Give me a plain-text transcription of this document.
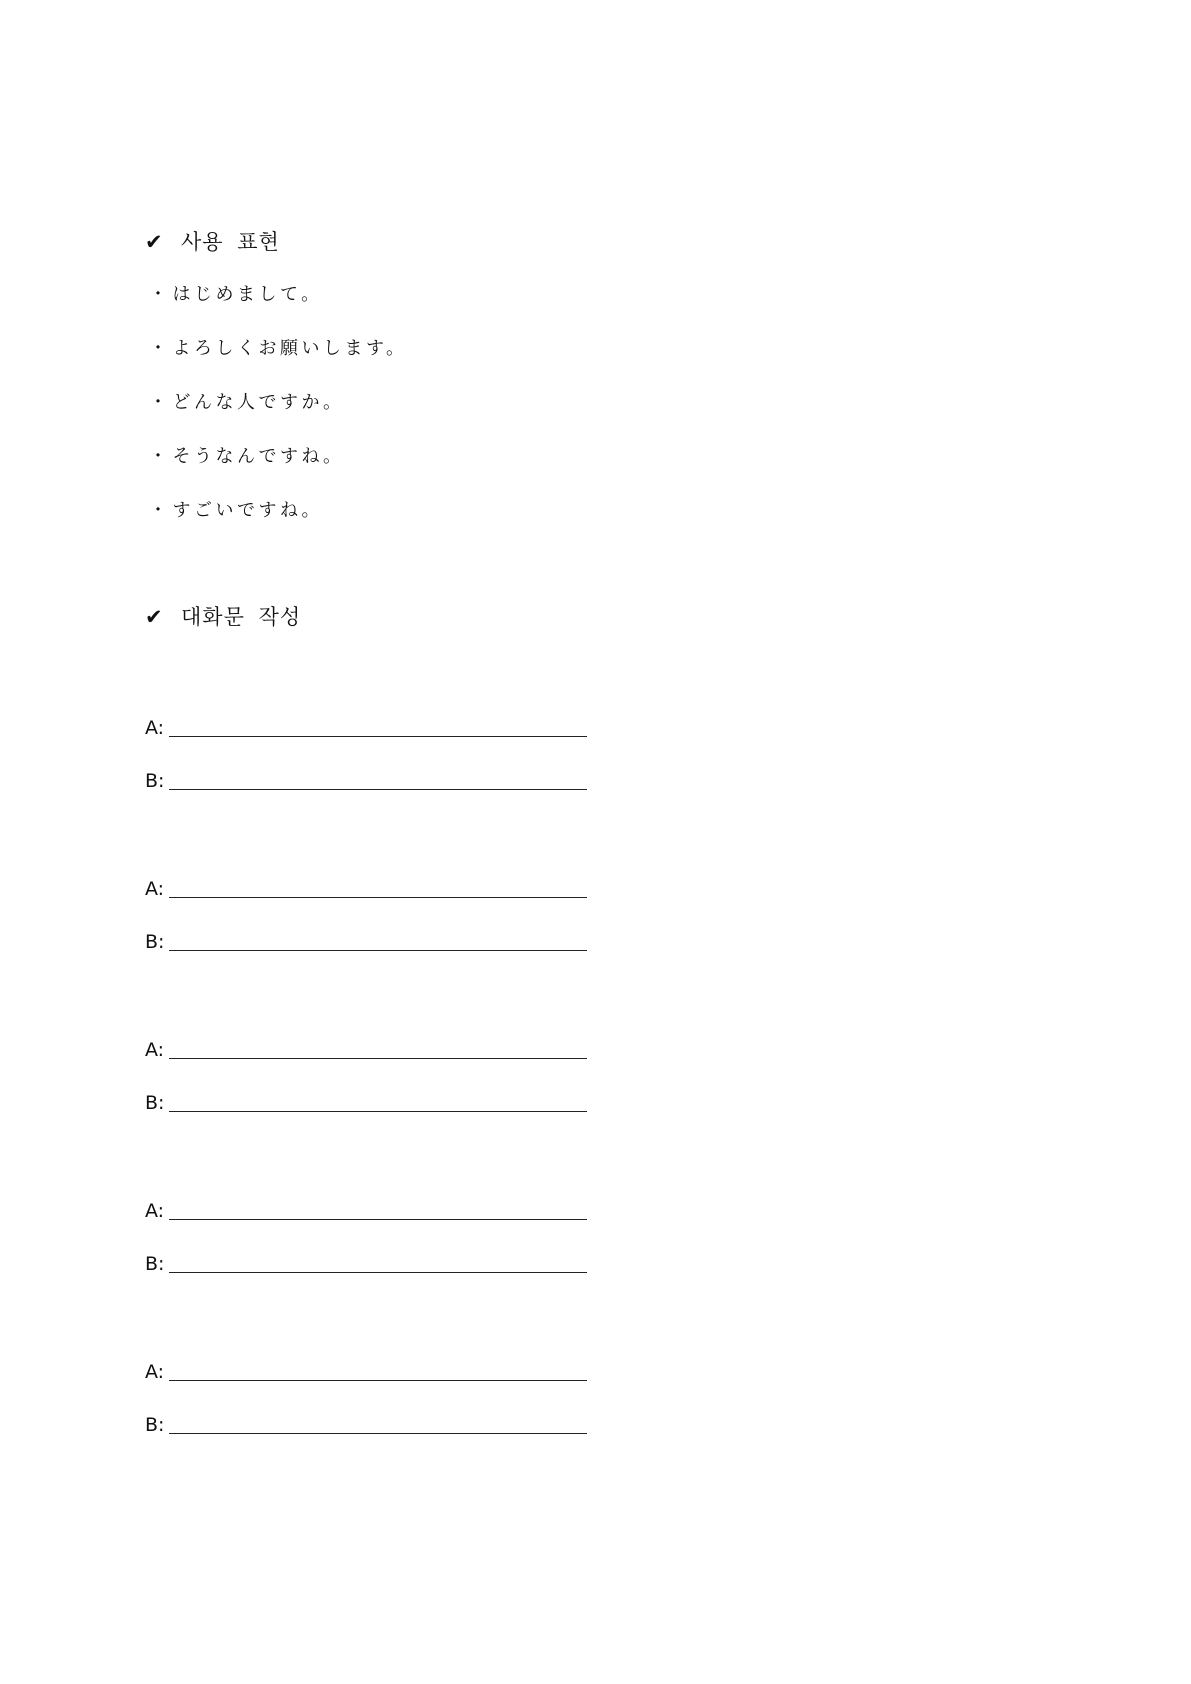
✔ 사용 표현
・ はじめまして。
・ よろしくお願いします。
・ どんな人ですか。
・ そうなんですね。
・ すごいですね。
✔ 대화문 작성
A:
B:
A:
B:
A:
B:
A:
B:
A:
B:
